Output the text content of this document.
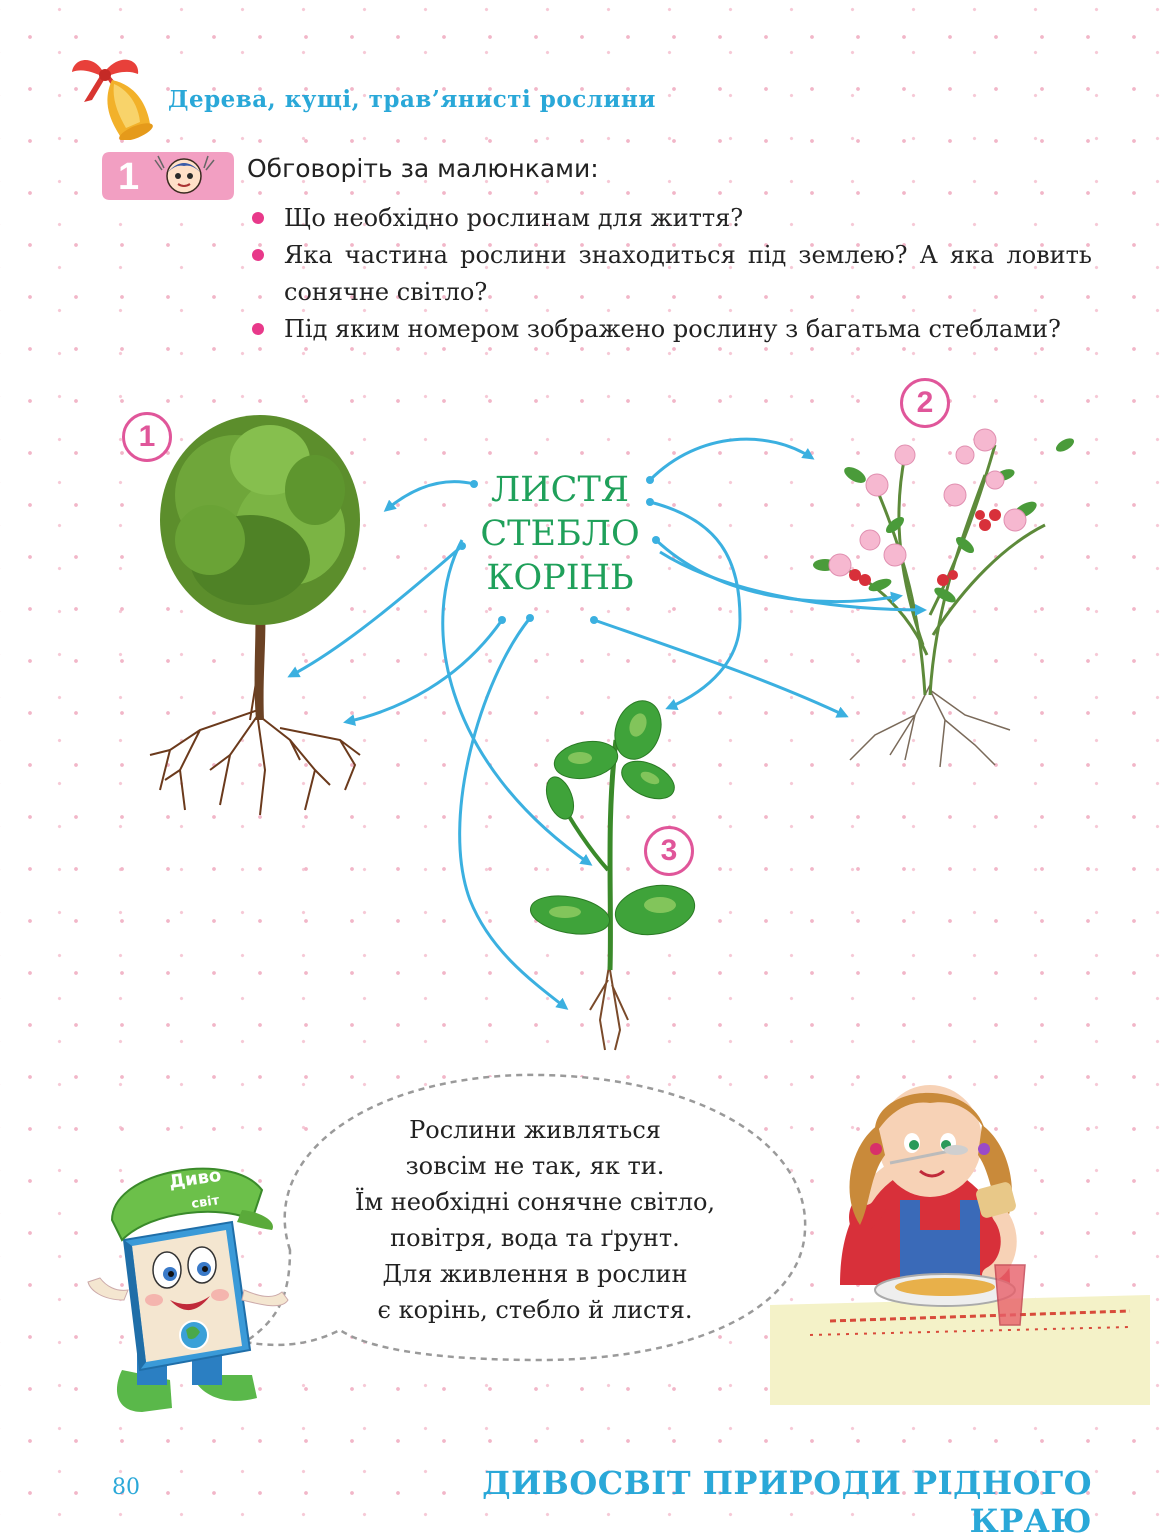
Дерева, кущі, трав’янисті рослини
1	Обговоріть за малюнками:
Що необхідно рослинам для життя?
Яка частина рослини знаходиться під землею? А яка ловить сонячне світло?
Під яким номером зображено рослину з багатьма стеблами?
1
2
3
ЛИСТЯ
СТЕБЛО
КОРІНЬ
Рослини живляться
зовсім не так, як ти.
Їм необхідні сонячне світло,
повітря, вода та ґрунт.
Для живлення в рослин
є корінь, стебло й листя.
Диво
світ
80	ДИВОСВІТ ПРИРОДИ РІДНОГО КРАЮ
